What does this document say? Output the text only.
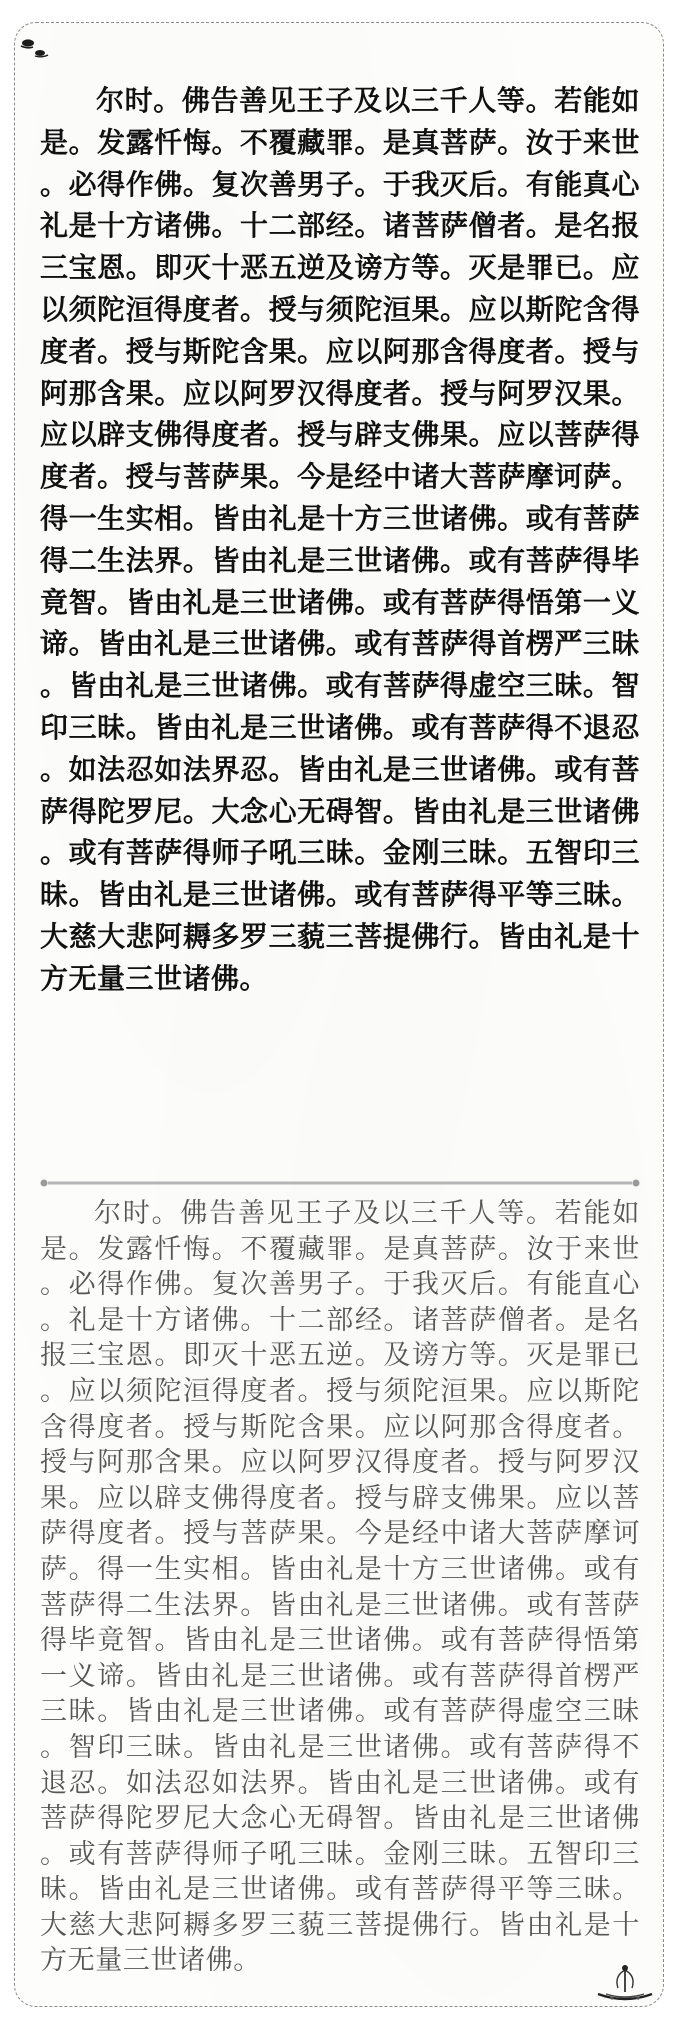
尔时。佛告善见王子及以三千人等。若能如是。发露忏悔。不覆藏罪。是真菩萨。汝于来世。必得作佛。复次善男子。于我灭后。有能真心礼是十方诸佛。十二部经。诸菩萨僧者。是名报三宝恩。即灭十恶五逆及谤方等。灭是罪已。应以须陀洹得度者。授与须陀洹果。应以斯陀含得度者。授与斯陀含果。应以阿那含得度者。授与阿那含果。应以阿罗汉得度者。授与阿罗汉果。应以辟支佛得度者。授与辟支佛果。应以菩萨得度者。授与菩萨果。今是经中诸大菩萨摩诃萨。得一生实相。皆由礼是十方三世诸佛。或有菩萨得二生法界。皆由礼是三世诸佛。或有菩萨得毕竟智。皆由礼是三世诸佛。或有菩萨得悟第一义谛。皆由礼是三世诸佛。或有菩萨得首楞严三昧。皆由礼是三世诸佛。或有菩萨得虚空三昧。智印三昧。皆由礼是三世诸佛。或有菩萨得不退忍。如法忍如法界忍。皆由礼是三世诸佛。或有菩萨得陀罗尼。大念心无碍智。皆由礼是三世诸佛。或有菩萨得师子吼三昧。金刚三昧。五智印三昧。皆由礼是三世诸佛。或有菩萨得平等三昧。大慈大悲阿耨多罗三藐三菩提佛行。皆由礼是十方无量三世诸佛。

尔时。佛告善见王子及以三千人等。若能如是。发露忏悔。不覆藏罪。是真菩萨。汝于来世。必得作佛。复次善男子。于我灭后。有能直心。礼是十方诸佛。十二部经。诸菩萨僧者。是名报三宝恩。即灭十恶五逆。及谤方等。灭是罪已。应以须陀洹得度者。授与须陀洹果。应以斯陀含得度者。授与斯陀含果。应以阿那含得度者。授与阿那含果。应以阿罗汉得度者。授与阿罗汉果。应以辟支佛得度者。授与辟支佛果。应以菩萨得度者。授与菩萨果。今是经中诸大菩萨摩诃萨。得一生实相。皆由礼是十方三世诸佛。或有菩萨得二生法界。皆由礼是三世诸佛。或有菩萨得毕竟智。皆由礼是三世诸佛。或有菩萨得悟第一义谛。皆由礼是三世诸佛。或有菩萨得首楞严三昧。皆由礼是三世诸佛。或有菩萨得虚空三昧。智印三昧。皆由礼是三世诸佛。或有菩萨得不退忍。如法忍如法界。皆由礼是三世诸佛。或有菩萨得陀罗尼大念心无碍智。皆由礼是三世诸佛。或有菩萨得师子吼三昧。金刚三昧。五智印三昧。皆由礼是三世诸佛。或有菩萨得平等三昧。大慈大悲阿耨多罗三藐三菩提佛行。皆由礼是十方无量三世诸佛。
